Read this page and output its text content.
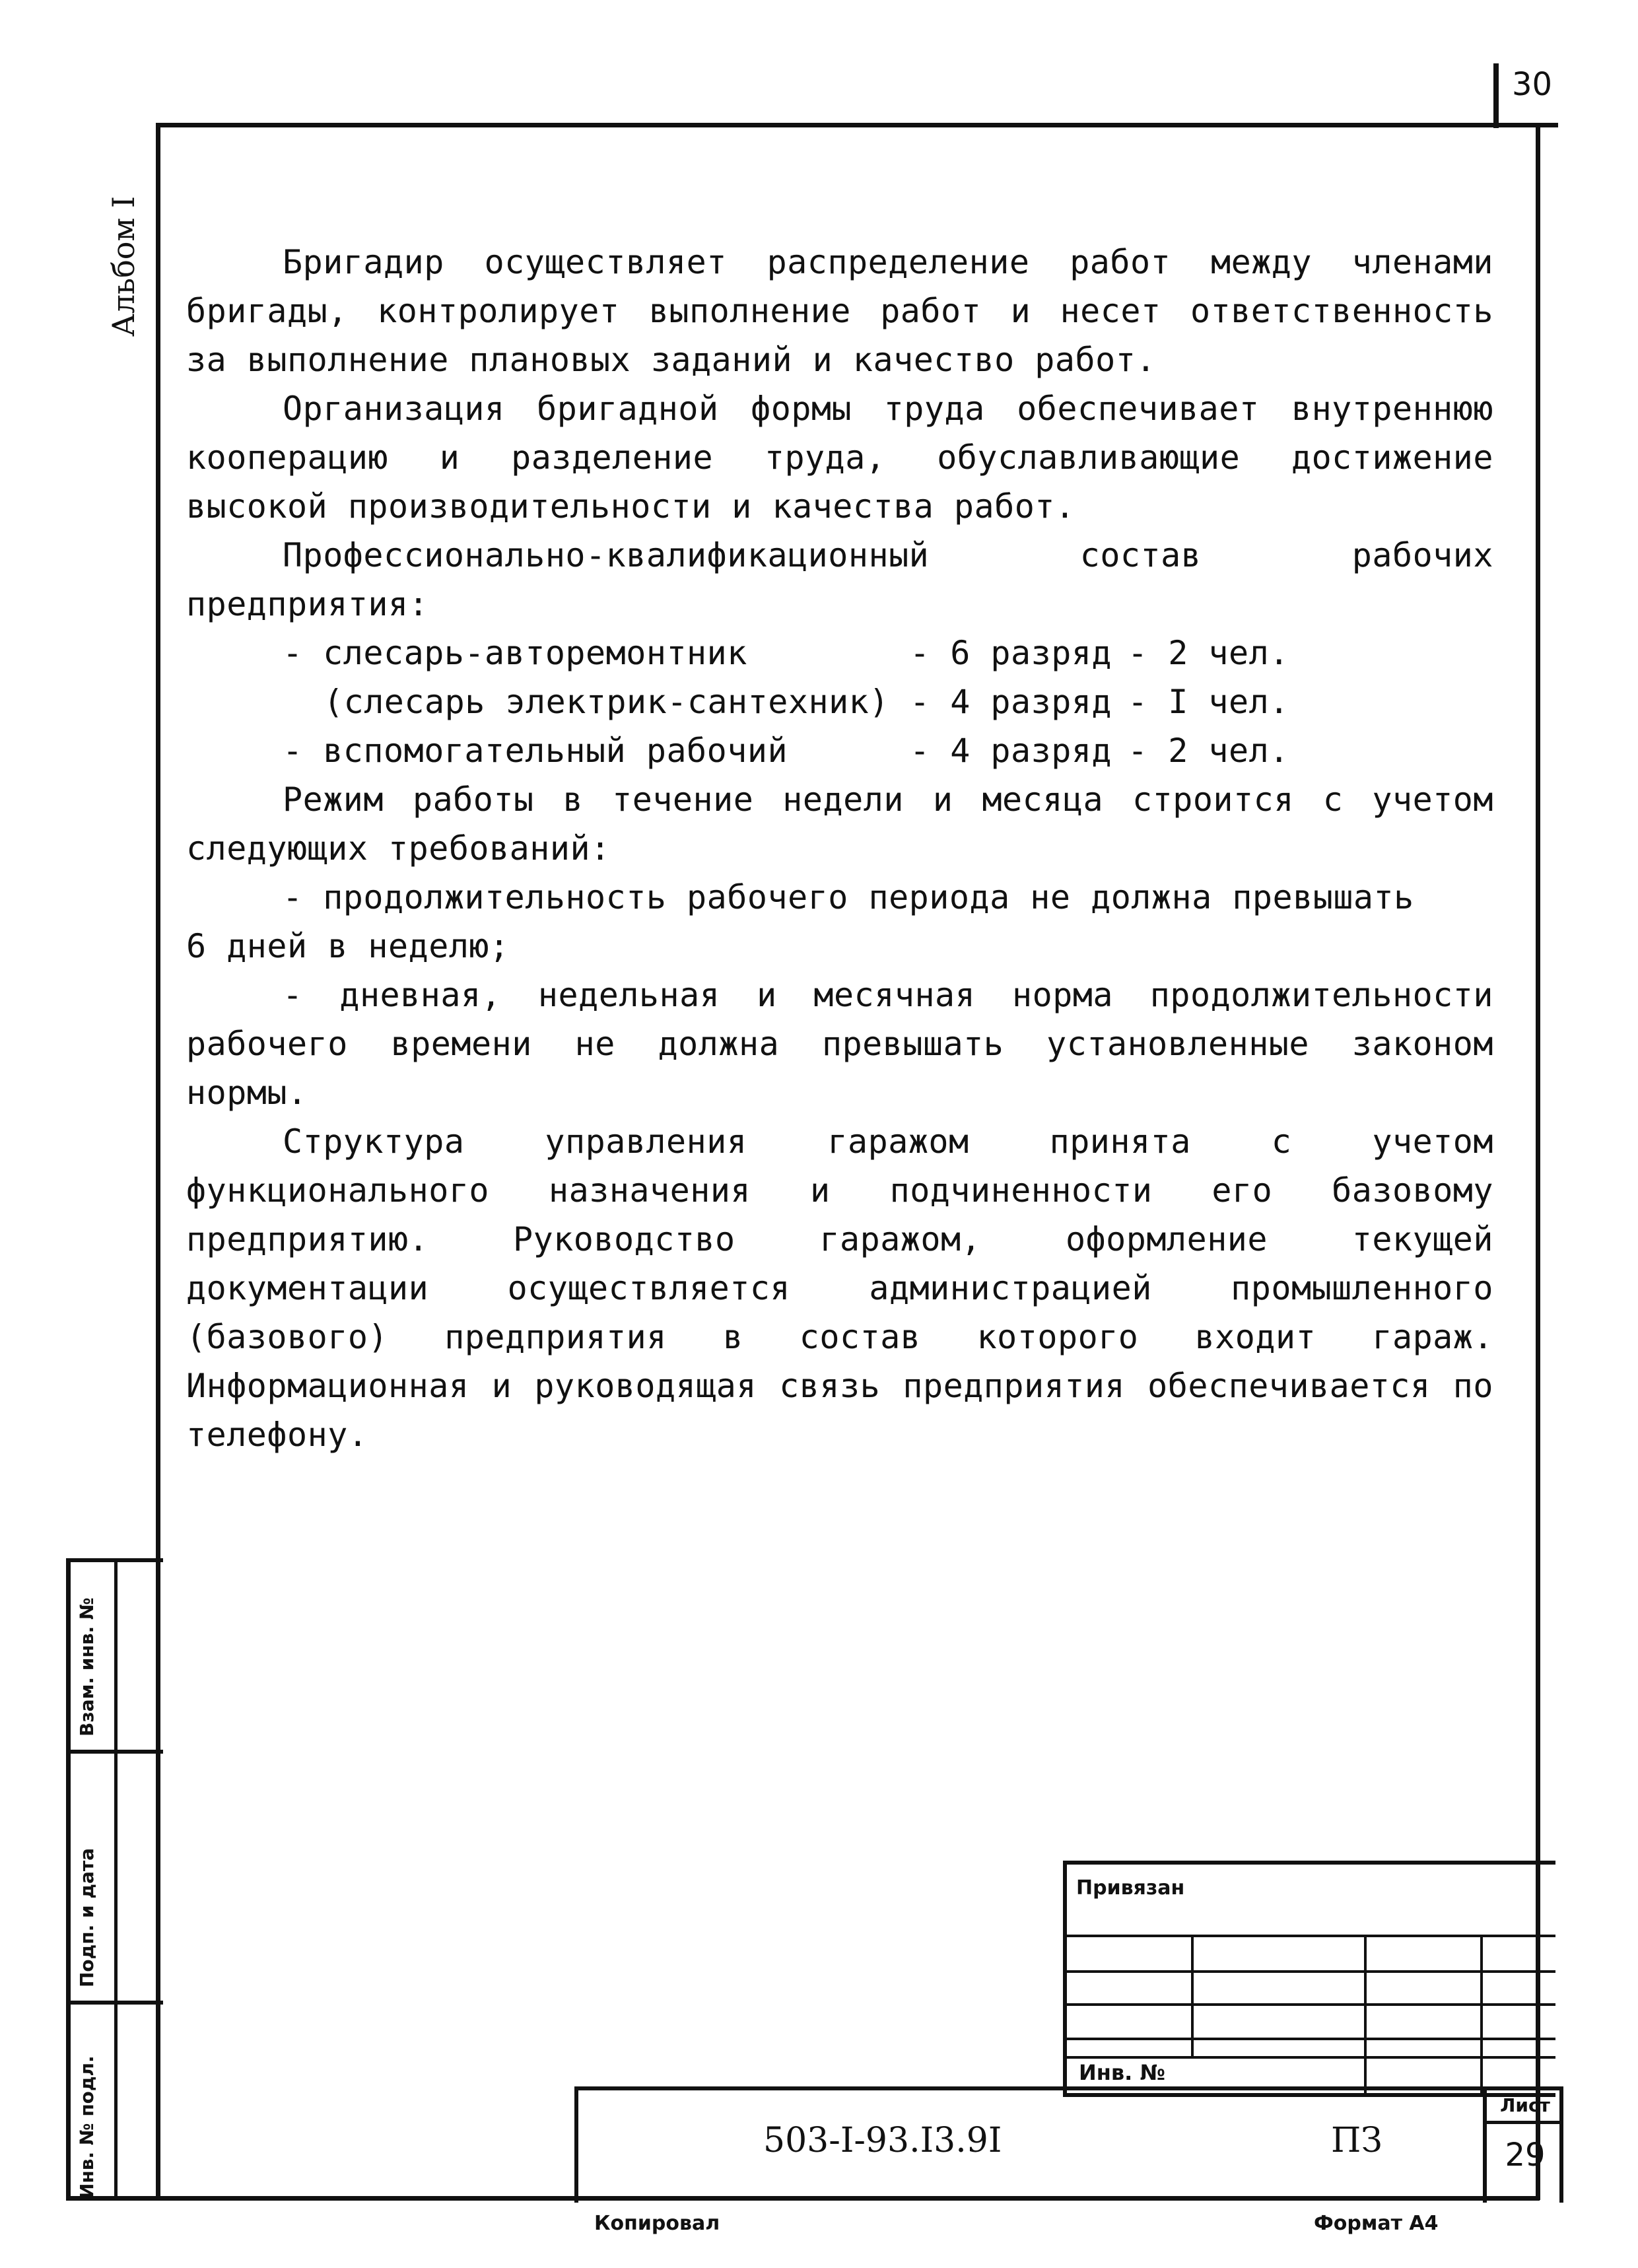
30
Альбом I	Бригадир осуществляет распределение работ между членами бригады, контролирует выполнение работ и несет ответственность за выполнение плановых заданий и качество работ.

Организация бригадной формы труда обеспечивает внутреннюю кооперацию и разделение труда, обуславливающие достижение высокой производительности и качества работ.

Профессионально-квалификационный состав рабочих предприятия:

- слесарь-авторемонтник	- 6 разряд - 2 чел.
(слесарь электрик-сантехник) - 4 разряд - I чел.
- вспомогательный рабочий	- 4 разряд - 2 чел.

Режим работы в течение недели и месяца строится с учетом следующих требований:

- продолжительность рабочего периода не должна превышать

6 дней в неделю;

- дневная, недельная и месячная норма продолжительности рабочего времени не должна превышать установленные законом нормы.

Структура управления гаражом принята с учетом функционального назначения и подчиненности его базовому предприятию. Руководство гаражом, оформление текущей документации осуществляется администрацией промышленного (базового) предприятия в состав которого входит гараж. Информационная и руководящая связь предприятия обеспечивается по телефону.

Взам. инв. №
Подп. и дата
Инв. № подл.
Привязан
Инв. №
503-I-93.I3.9I	ПЗ
Лист
29
Копировал	Формат А4
